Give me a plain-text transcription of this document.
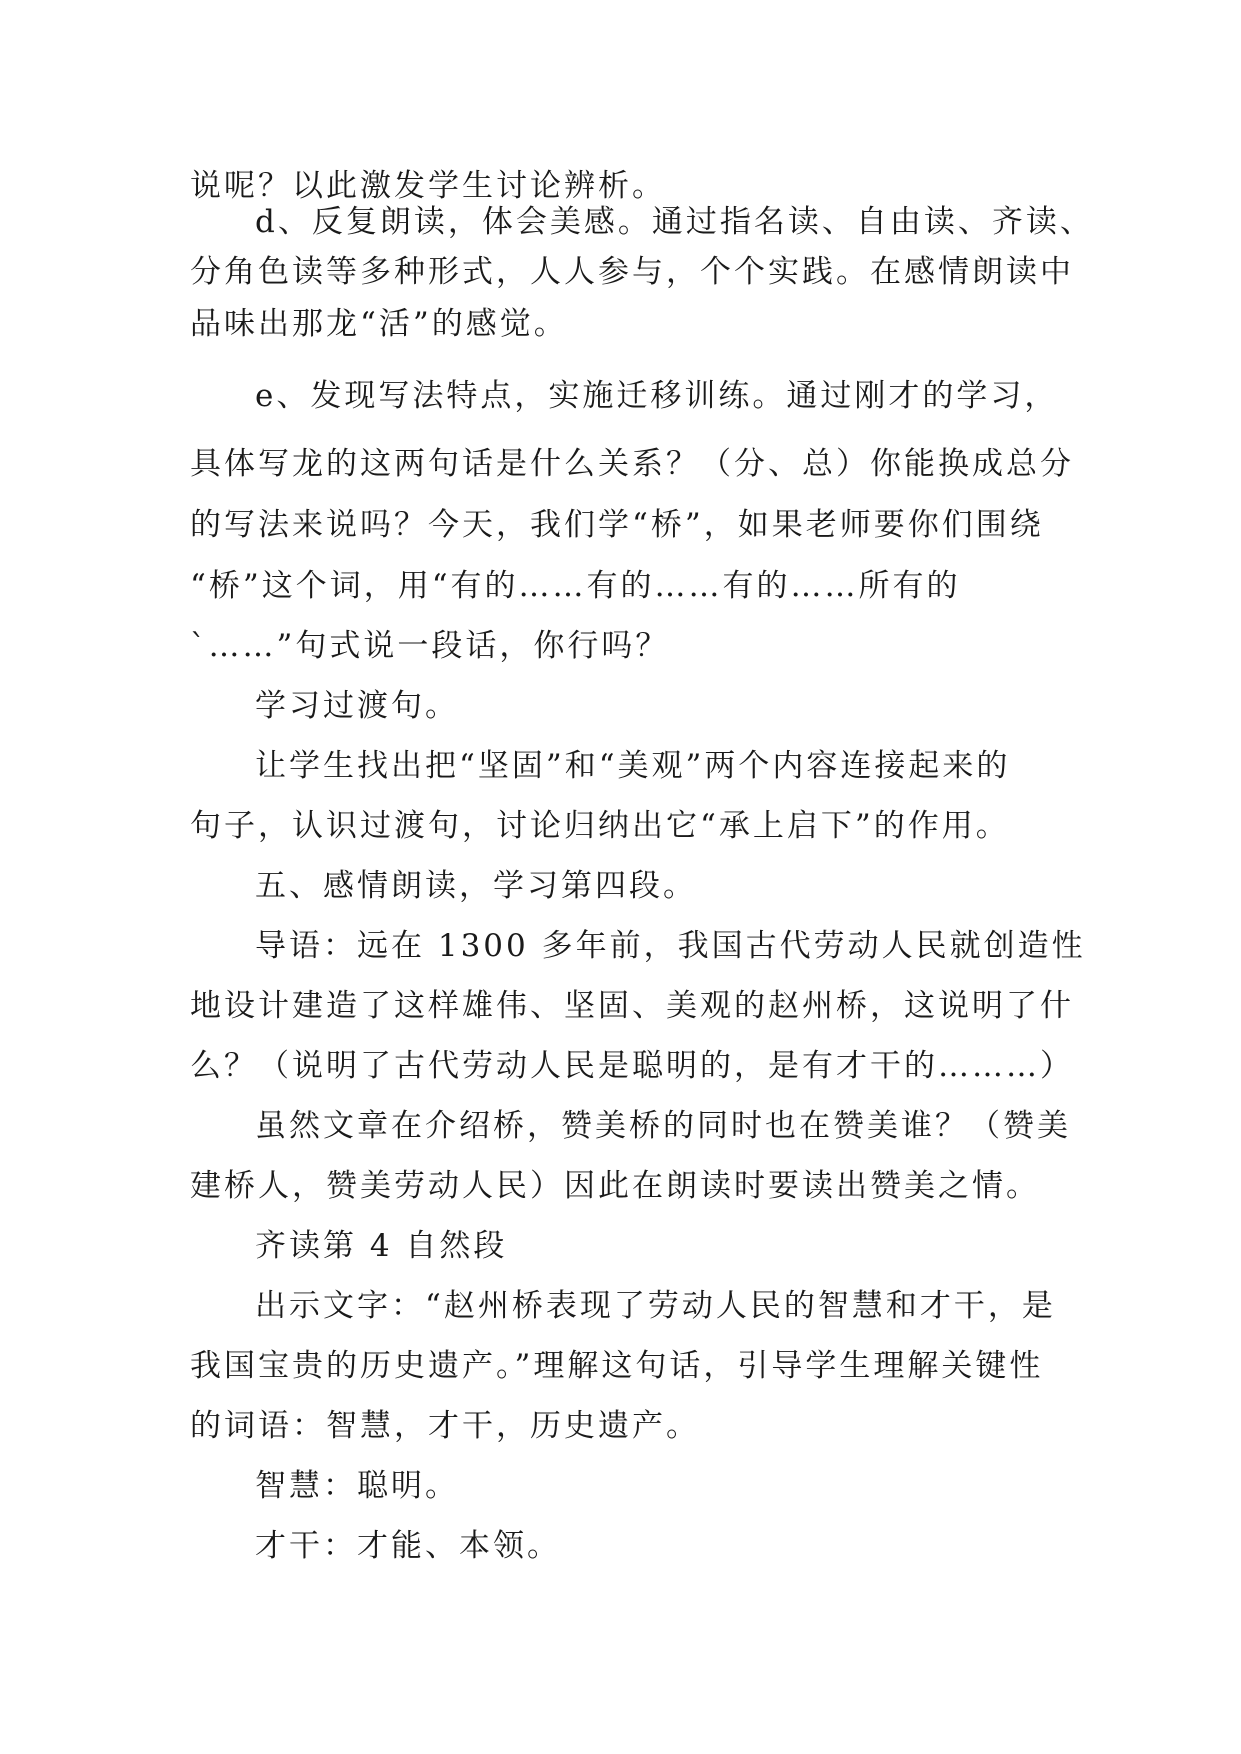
说呢？以此激发学生讨论辨析。
d、反复朗读，体会美感。通过指名读、自由读、齐读、
分角色读等多种形式，人人参与，个个实践。在感情朗读中
品味出那龙“活”的感觉。
e、发现写法特点，实施迁移训练。通过刚才的学习，
具体写龙的这两句话是什么关系？（分、总）你能换成总分
的写法来说吗？今天，我们学“桥”，如果老师要你们围绕
“桥”这个词，用“有的……有的……有的……所有的
`……”句式说一段话，你行吗？
学习过渡句。
让学生找出把“坚固”和“美观”两个内容连接起来的
句子，认识过渡句，讨论归纳出它“承上启下”的作用。
五、感情朗读，学习第四段。
导语：远在 1300 多年前，我国古代劳动人民就创造性
地设计建造了这样雄伟、坚固、美观的赵州桥，这说明了什
么？（说明了古代劳动人民是聪明的，是有才干的………）
虽然文章在介绍桥，赞美桥的同时也在赞美谁？（赞美
建桥人，赞美劳动人民）因此在朗读时要读出赞美之情。
齐读第 4 自然段
出示文字：“赵州桥表现了劳动人民的智慧和才干，是
我国宝贵的历史遗产。”理解这句话，引导学生理解关键性
的词语：智慧，才干，历史遗产。
智慧：聪明。
才干：才能、本领。
